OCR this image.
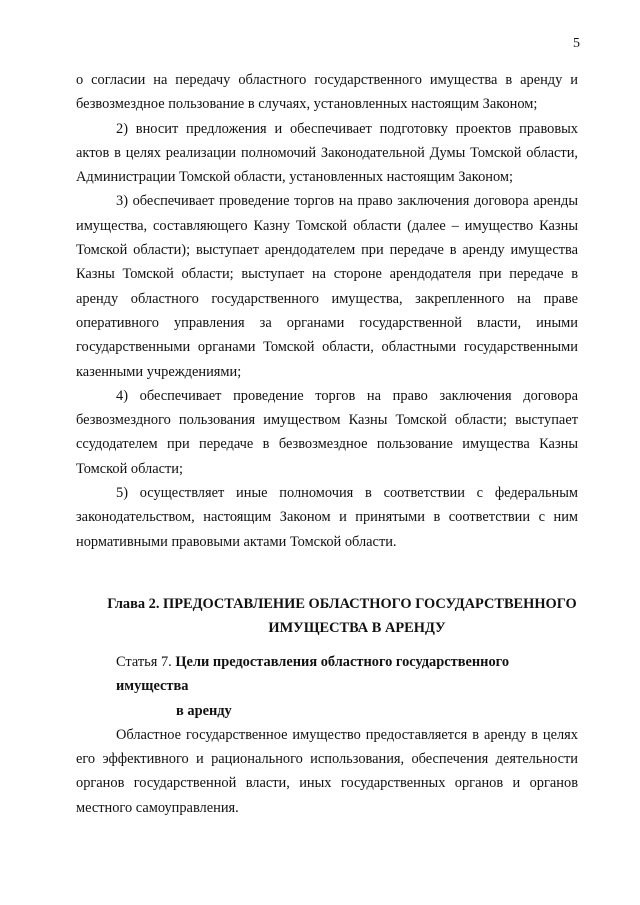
5

о согласии на передачу областного государственного имущества в аренду и безвозмездное пользование в случаях, установленных настоящим Законом;

2) вносит предложения и обеспечивает подготовку проектов правовых актов в целях реализации полномочий Законодательной Думы Томской области, Администрации Томской области, установленных настоящим Законом;

3) обеспечивает проведение торгов на право заключения договора аренды имущества, составляющего Казну Томской области (далее – имущество Казны Томской области); выступает арендодателем при передаче в аренду имущества Казны Томской области; выступает на стороне арендодателя при передаче в аренду областного государственного имущества, закрепленного на праве оперативного управления за органами государственной власти, иными государственными органами Томской области, областными государственными казенными учреждениями;

4) обеспечивает проведение торгов на право заключения договора безвозмездного пользования имуществом Казны Томской области; выступает ссудодателем при передаче в безвозмездное пользование имущества Казны Томской области;

5) осуществляет иные полномочия в соответствии с федеральным законодательством, настоящим Законом и принятыми в соответствии с ним нормативными правовыми актами Томской области.

Глава 2. ПРЕДОСТАВЛЕНИЕ ОБЛАСТНОГО ГОСУДАРСТВЕННОГО
ИМУЩЕСТВА В АРЕНДУ
Статья 7. Цели предоставления областного государственного имущества
в аренду

Областное государственное имущество предоставляется в аренду в целях его эффективного и рационального использования, обеспечения деятельности органов государственной власти, иных государственных органов и органов местного самоуправления.
